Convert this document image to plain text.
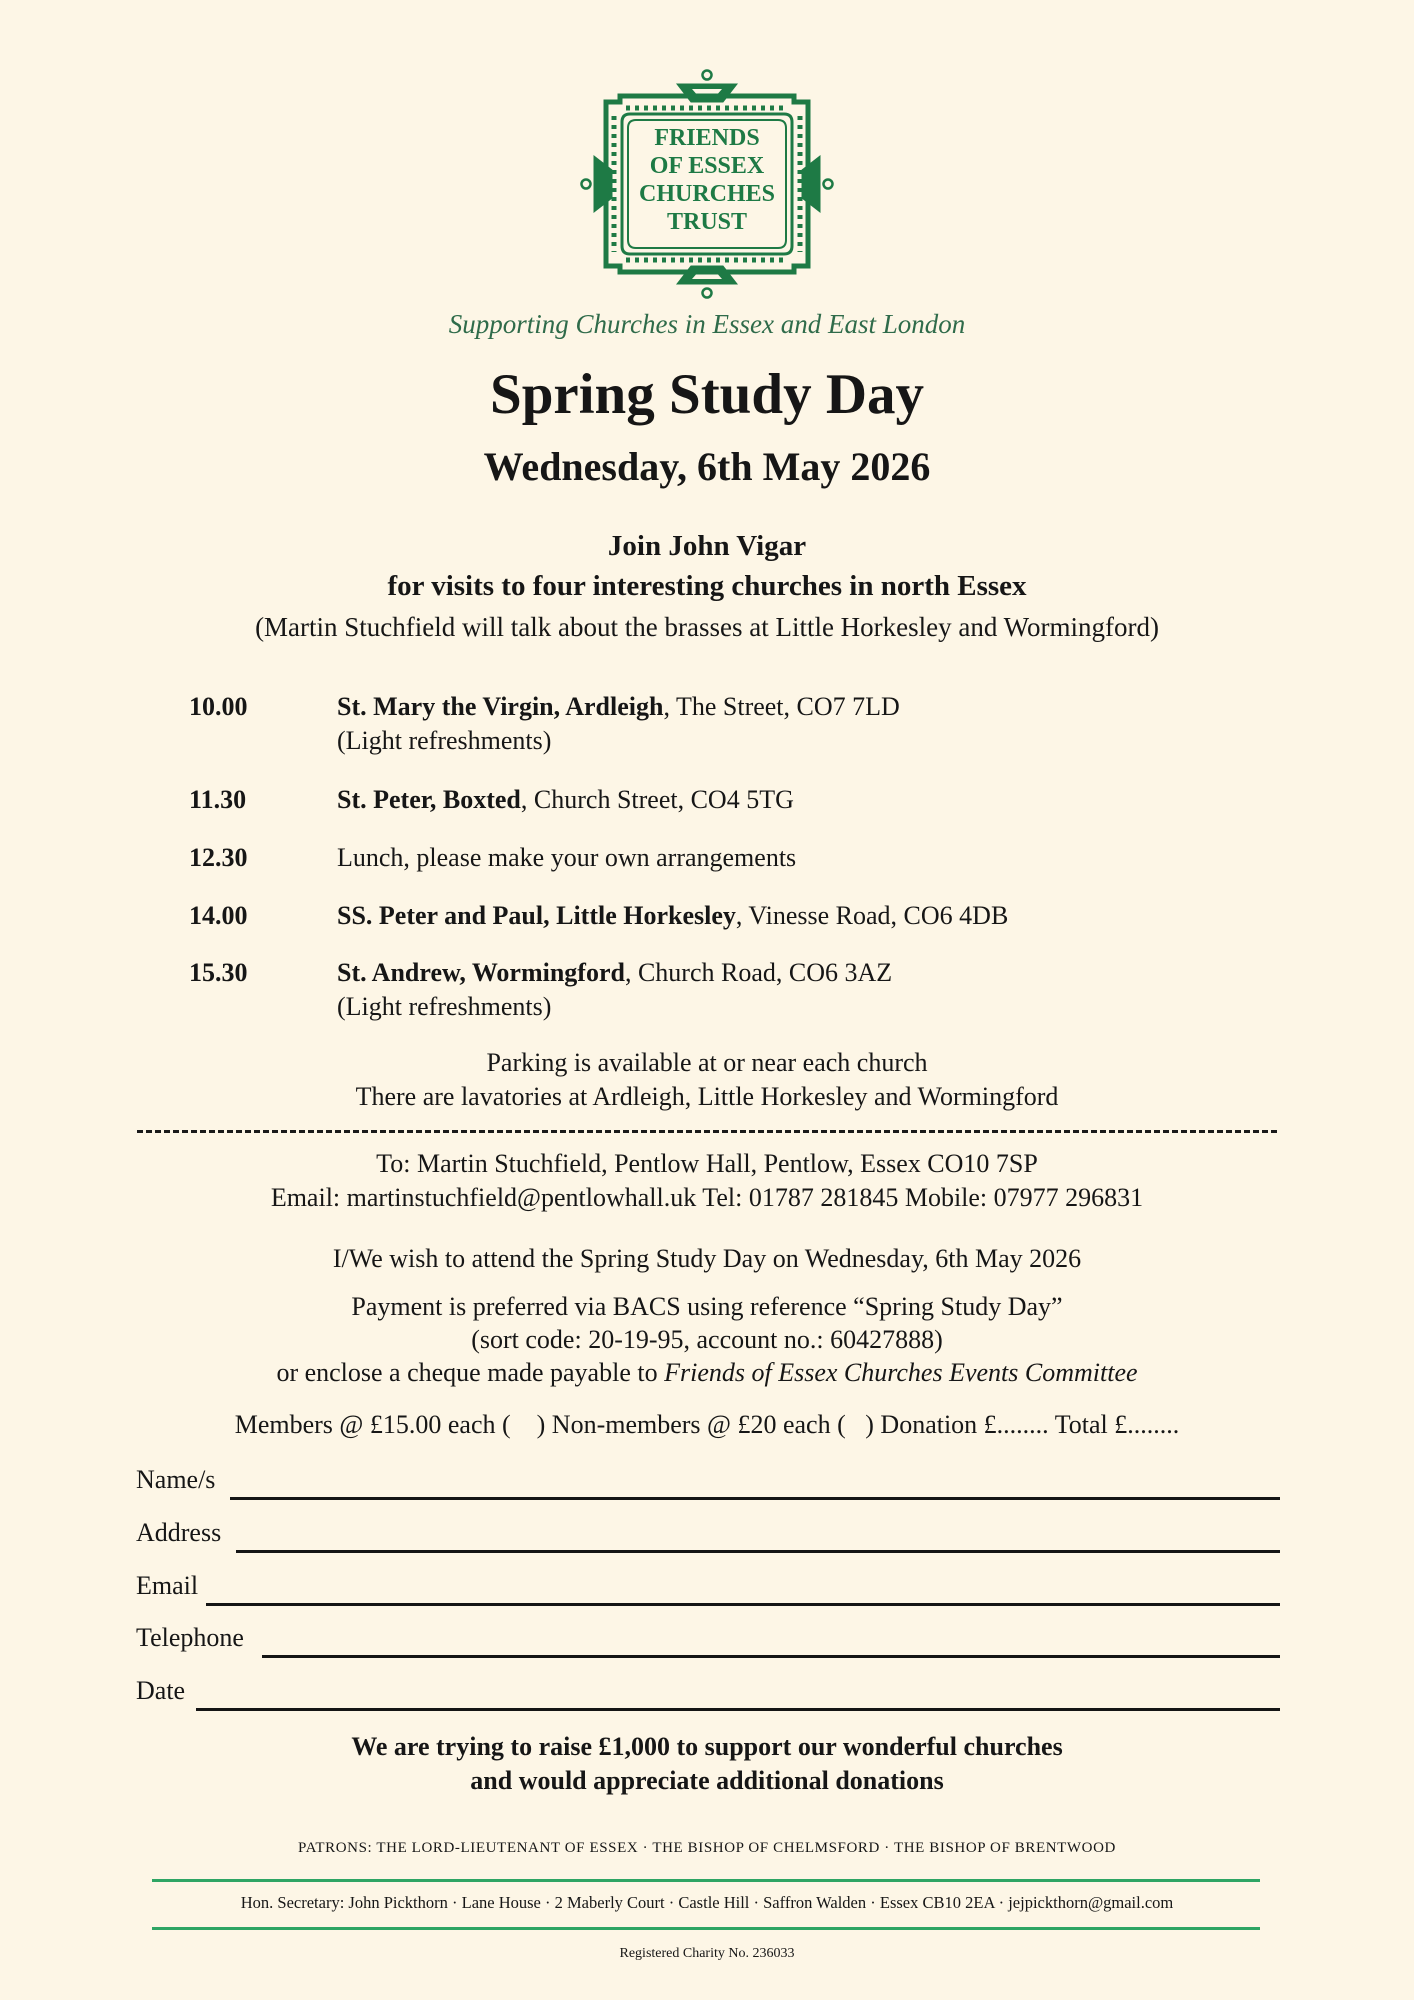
FRIENDS
OF ESSEX
CHURCHES
TRUST
Supporting Churches in Essex and East London
Spring Study Day
Wednesday, 6th May 2026
Join John Vigar
for visits to four interesting churches in north Essex
(Martin Stuchfield will talk about the brasses at Little Horkesley and Wormingford)
10.00	St. Mary the Virgin, Ardleigh, The Street, CO7 7LD
(Light refreshments)
11.30	St. Peter, Boxted, Church Street, CO4 5TG
12.30	Lunch, please make your own arrangements
14.00	SS. Peter and Paul, Little Horkesley, Vinesse Road, CO6 4DB
15.30	St. Andrew, Wormingford, Church Road, CO6 3AZ
(Light refreshments)
Parking is available at or near each church
There are lavatories at Ardleigh, Little Horkesley and Wormingford
To: Martin Stuchfield, Pentlow Hall, Pentlow, Essex CO10 7SP
Email: martinstuchfield@pentlowhall.uk Tel: 01787 281845 Mobile: 07977 296831
I/We wish to attend the Spring Study Day on Wednesday, 6th May 2026
Payment is preferred via BACS using reference “Spring Study Day”
(sort code: 20-19-95, account no.: 60427888)
or enclose a cheque made payable to Friends of Essex Churches Events Committee
Members @ £15.00 each (    ) Non-members @ £20 each (   ) Donation £........ Total £........
Name/s
Address
Email
Telephone
Date
We are trying to raise £1,000 to support our wonderful churches
and would appreciate additional donations
PATRONS: THE LORD-LIEUTENANT OF ESSEX · THE BISHOP OF CHELMSFORD · THE BISHOP OF BRENTWOOD
Hon. Secretary: John Pickthorn · Lane House · 2 Maberly Court · Castle Hill · Saffron Walden · Essex CB10 2EA · jejpickthorn@gmail.com
Registered Charity No. 236033
